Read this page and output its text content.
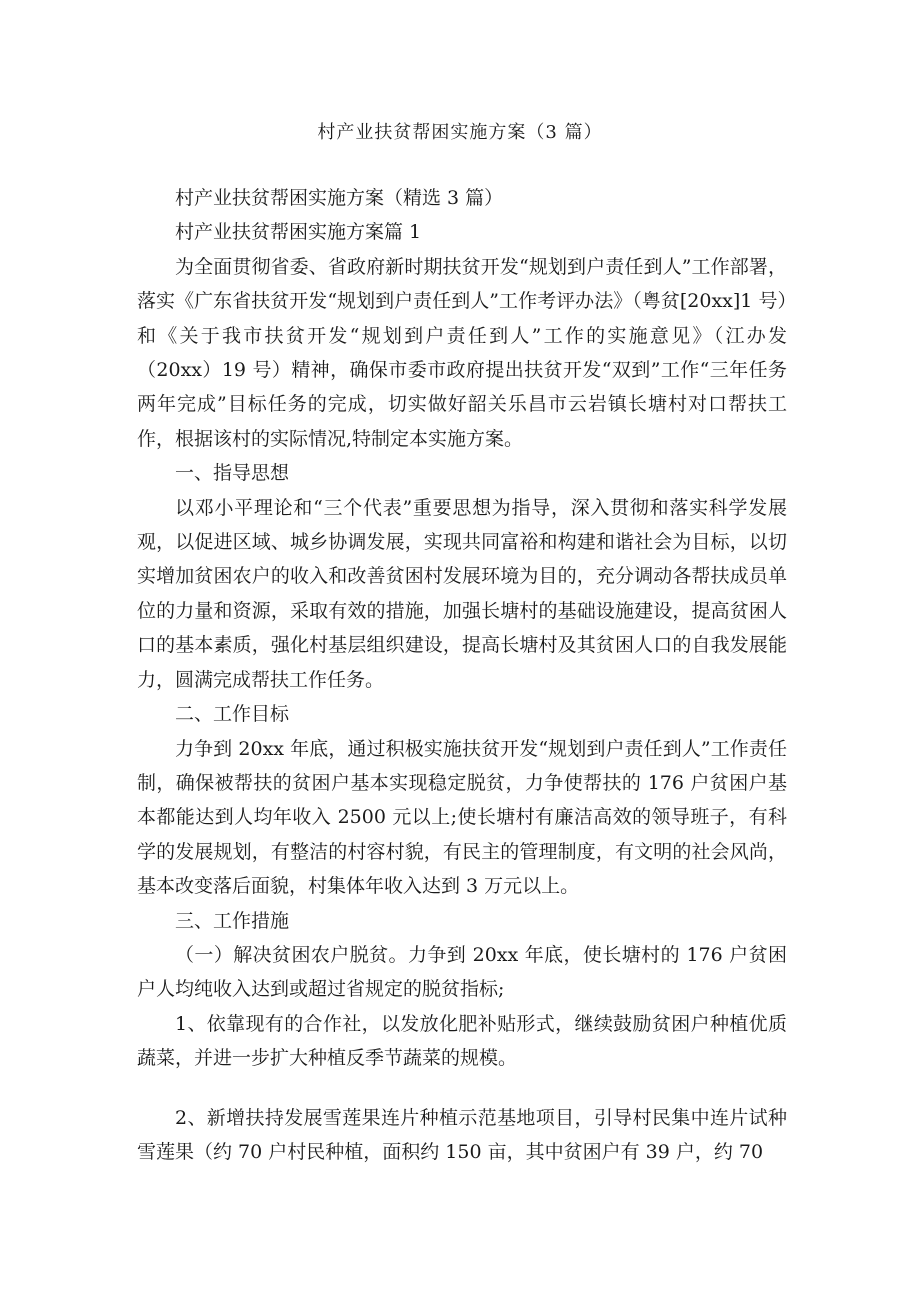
村产业扶贫帮困实施方案（3 篇）

村产业扶贫帮困实施方案（精选 3 篇）

村产业扶贫帮困实施方案篇 1

为全面贯彻省委、省政府新时期扶贫开发“规划到户责任到人”工作部署，落实《广东省扶贫开发“规划到户责任到人”工作考评办法》（粤贫[20xx]1 号）和《关于我市扶贫开发“规划到户责任到人”工作的实施意见》（江办发（20xx）19 号）精神，确保市委市政府提出扶贫开发“双到”工作“三年任务两年完成”目标任务的完成，切实做好韶关乐昌市云岩镇长塘村对口帮扶工作，根据该村的实际情况,特制定本实施方案。

一、指导思想

以邓小平理论和“三个代表”重要思想为指导，深入贯彻和落实科学发展观，以促进区域、城乡协调发展，实现共同富裕和构建和谐社会为目标，以切实增加贫困农户的收入和改善贫困村发展环境为目的，充分调动各帮扶成员单位的力量和资源，采取有效的措施，加强长塘村的基础设施建设，提高贫困人口的基本素质，强化村基层组织建设，提高长塘村及其贫困人口的自我发展能力，圆满完成帮扶工作任务。

二、工作目标

力争到 20xx 年底，通过积极实施扶贫开发“规划到户责任到人”工作责任制，确保被帮扶的贫困户基本实现稳定脱贫，力争使帮扶的 176 户贫困户基本都能达到人均年收入 2500 元以上;使长塘村有廉洁高效的领导班子，有科学的发展规划，有整洁的村容村貌，有民主的管理制度，有文明的社会风尚，基本改变落后面貌，村集体年收入达到 3 万元以上。

三、工作措施

（一）解决贫困农户脱贫。力争到 20xx 年底，使长塘村的 176 户贫困户人均纯收入达到或超过省规定的脱贫指标;

1、依靠现有的合作社，以发放化肥补贴形式，继续鼓励贫困户种植优质蔬菜，并进一步扩大种植反季节蔬菜的规模。

2、新增扶持发展雪莲果连片种植示范基地项目，引导村民集中连片试种雪莲果（约 70 户村民种植，面积约 150 亩，其中贫困户有 39 户，约 70
